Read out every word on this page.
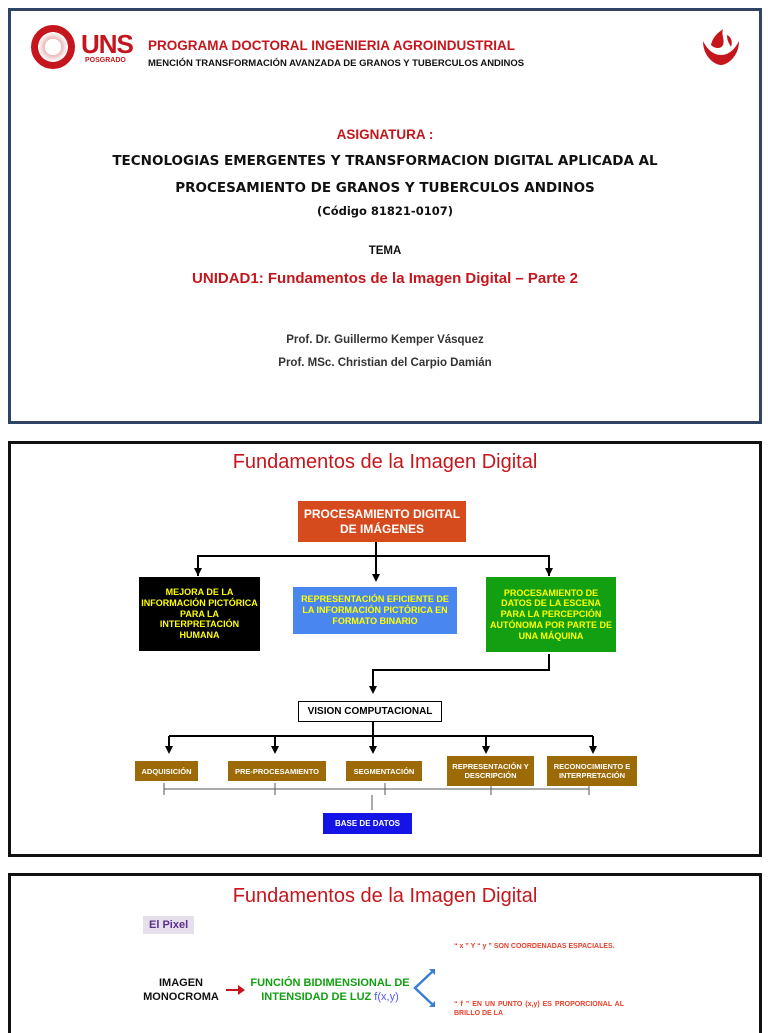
UNS
POSGRADO
PROGRAMA DOCTORAL INGENIERIA AGROINDUSTRIAL
MENCIÓN TRANSFORMACIÓN AVANZADA DE GRANOS Y TUBERCULOS ANDINOS
ASIGNATURA :
TECNOLOGIAS EMERGENTES Y TRANSFORMACION DIGITAL APLICADA AL
PROCESAMIENTO DE GRANOS Y TUBERCULOS ANDINOS
(Código 81821-0107)
TEMA
UNIDAD1: Fundamentos de la Imagen Digital – Parte 2
Prof. Dr. Guillermo Kemper Vásquez
Prof. MSc. Christian del Carpio Damián
Fundamentos de la Imagen Digital
PROCESAMIENTO DIGITAL DE IMÁGENES
MEJORA DE LA INFORMACIÓN PICTÓRICA PARA LA INTERPRETACIÓN HUMANA
REPRESENTACIÓN EFICIENTE DE LA INFORMACIÓN PICTÓRICA EN FORMATO BINARIO
PROCESAMIENTO DE DATOS DE LA ESCENA PARA LA PERCEPCIÓN AUTÓNOMA POR PARTE DE UNA MÁQUINA
VISION COMPUTACIONAL
ADQUISICIÓN	PRE-PROCESAMIENTO	SEGMENTACIÓN	REPRESENTACIÓN Y DESCRIPCIÓN
RECONOCIMIENTO E INTERPRETACIÓN
BASE DE DATOS
Fundamentos de la Imagen Digital
El Pixel
IMAGEN MONOCROMA
FUNCIÓN BIDIMENSIONAL DE INTENSIDAD DE LUZ f(x,y)
“ x ” Y “ y ” SON COORDENADAS ESPACIALES.
“ f ” EN UN PUNTO (x,y) ES PROPORCIONAL AL BRILLO DE LA
